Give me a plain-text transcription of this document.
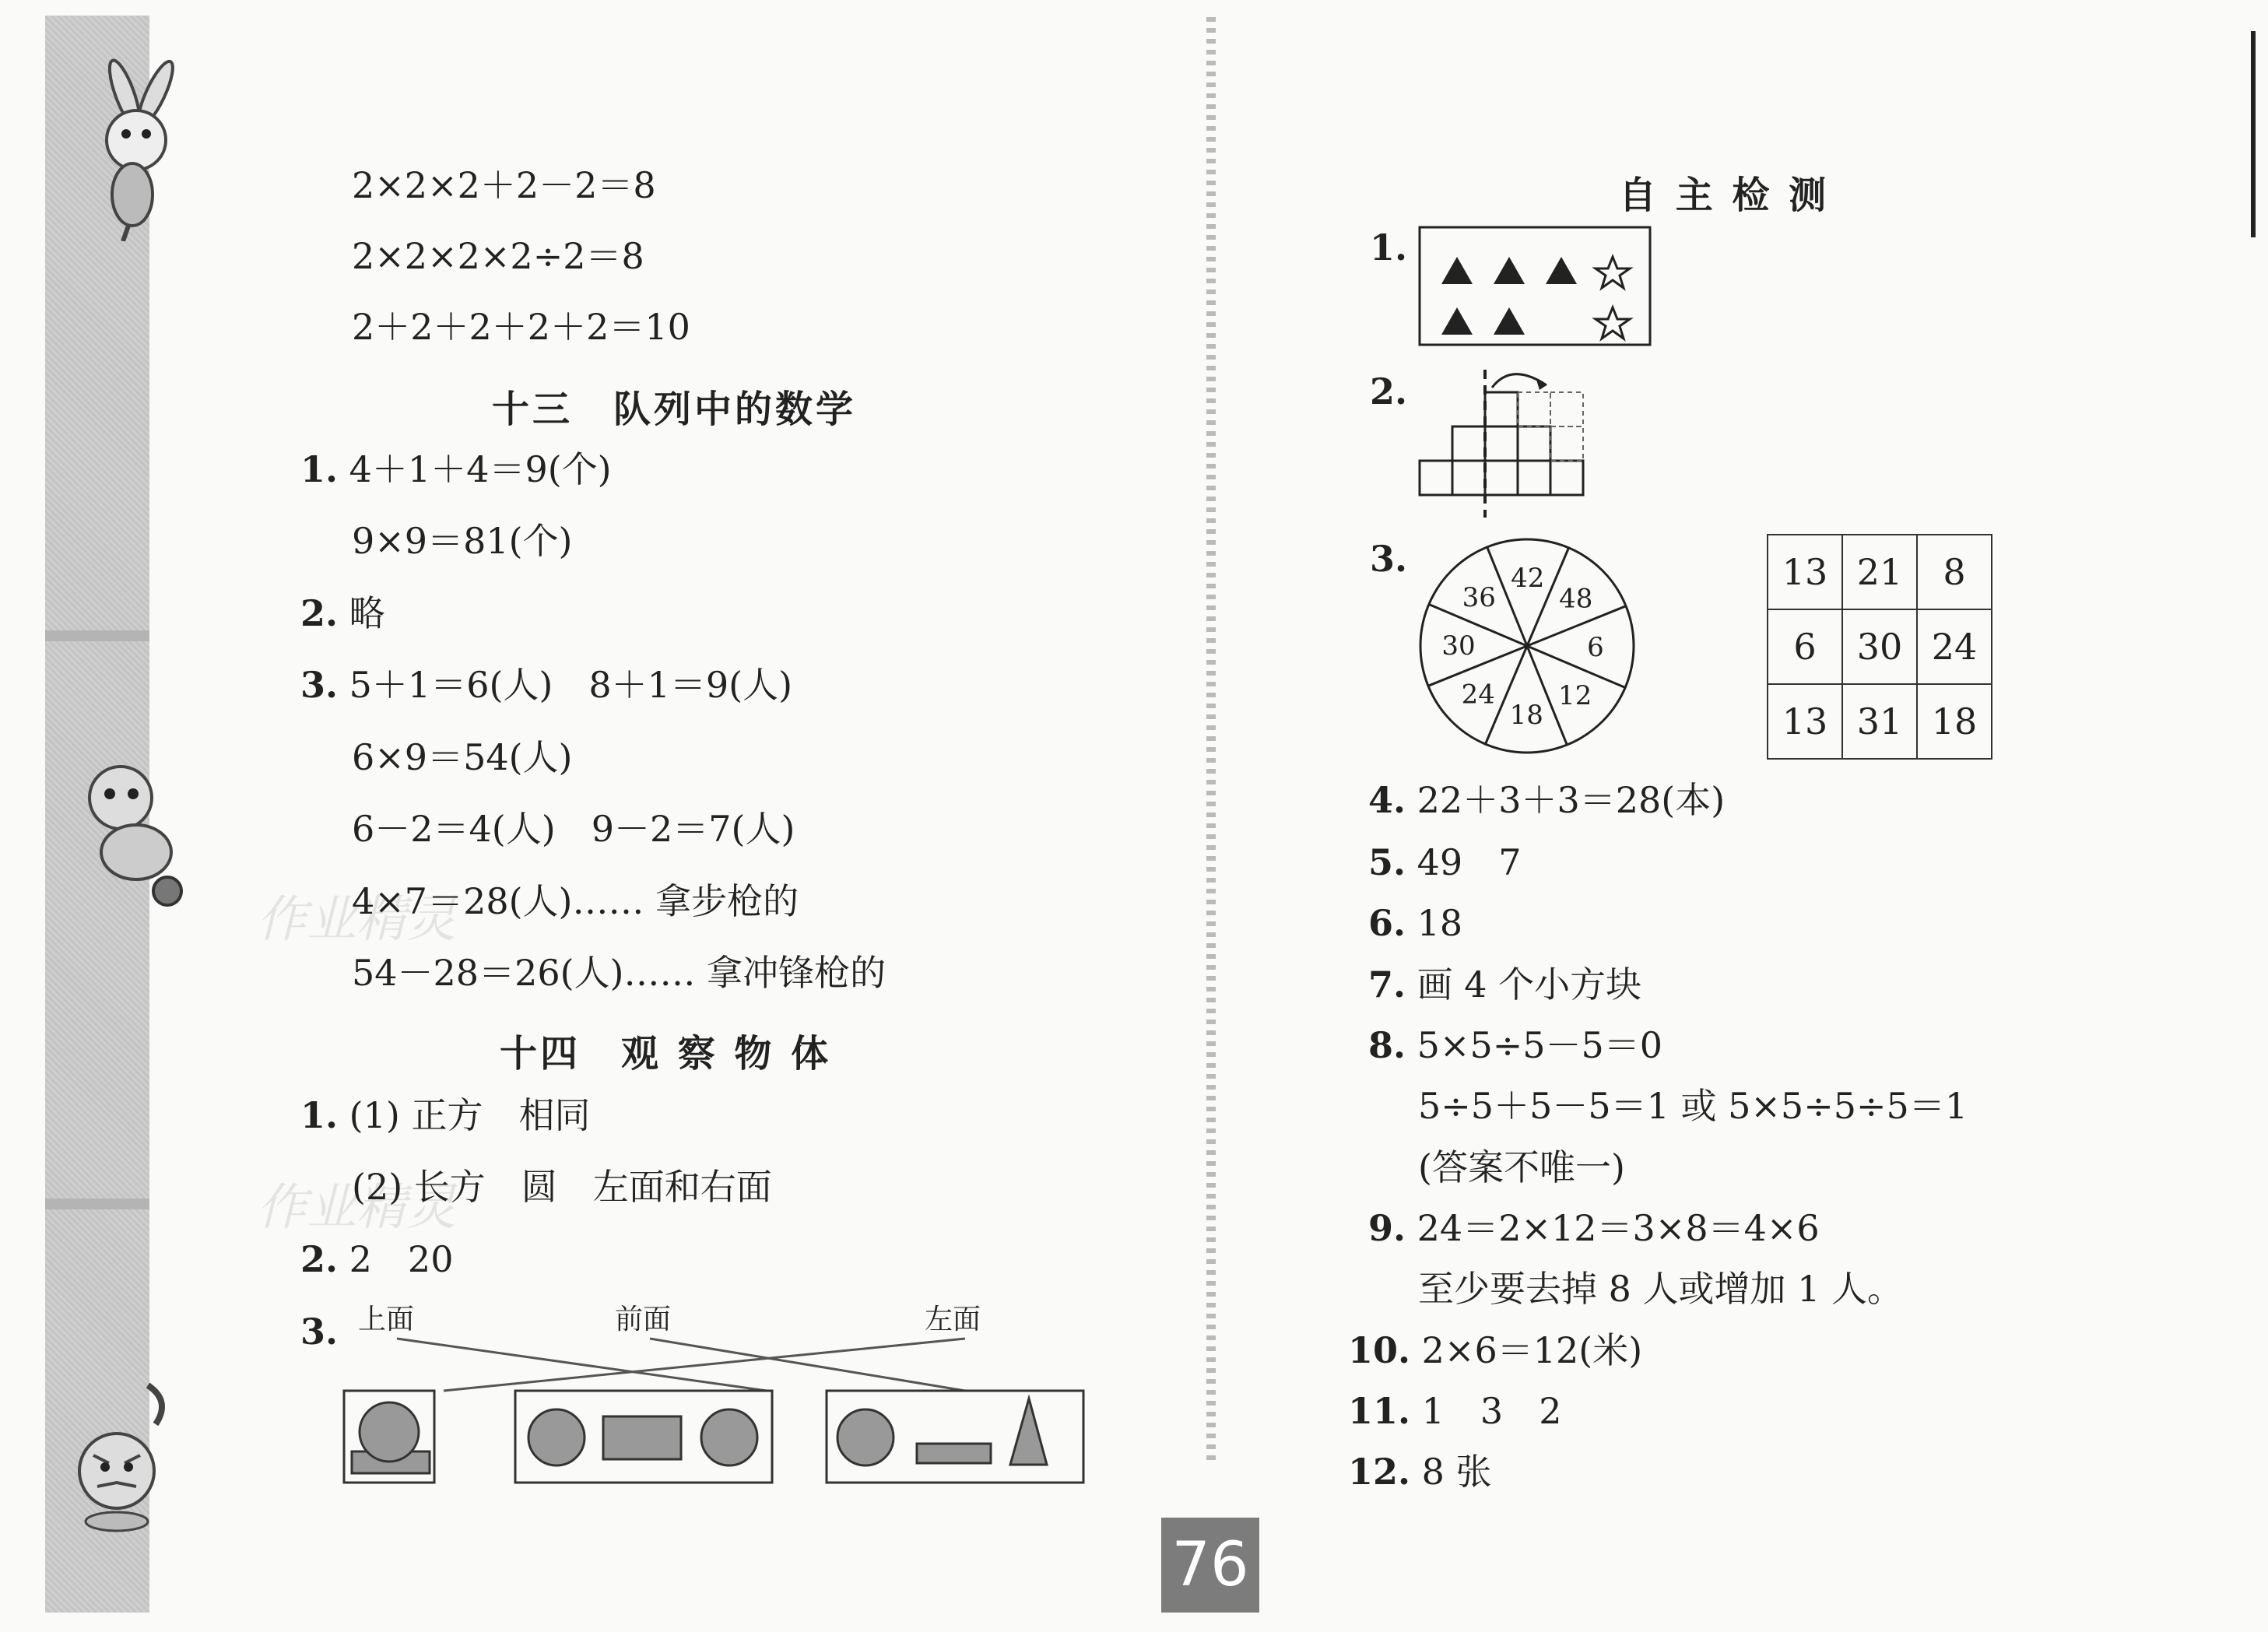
作业精灵
作业精灵
2×2×2＋2－2＝8
2×2×2×2÷2＝8
2＋2＋2＋2＋2＝10
十三　队列中的数学
1. 4＋1＋4＝9(个)
9×9＝81(个)
2. 略
3. 5＋1＝6(人)　8＋1＝9(人)
6×9＝54(人)
6－2＝4(人)　9－2＝7(人)
4×7＝28(人)…… 拿步枪的
54－28＝26(人)…… 拿冲锋枪的
十四　观 察 物 体
1. (1) 正方　相同
(2) 长方　圆　左面和右面
2. 2　20
3. 上面	前面	左面
自 主 检 测
1.
2.
3.	42
48
6
12
18
24
30
36
13	21	8
6	30	24
13	31	18
4. 22＋3＋3＝28(本)
5. 49　7
6. 18
7. 画 4 个小方块
8. 5×5÷5－5＝0
5÷5＋5－5＝1 或 5×5÷5÷5＝1
(答案不唯一)
9. 24＝2×12＝3×8＝4×6
至少要去掉 8 人或增加 1 人。
10. 2×6＝12(米)
11. 1　3　2
12. 8 张
76
